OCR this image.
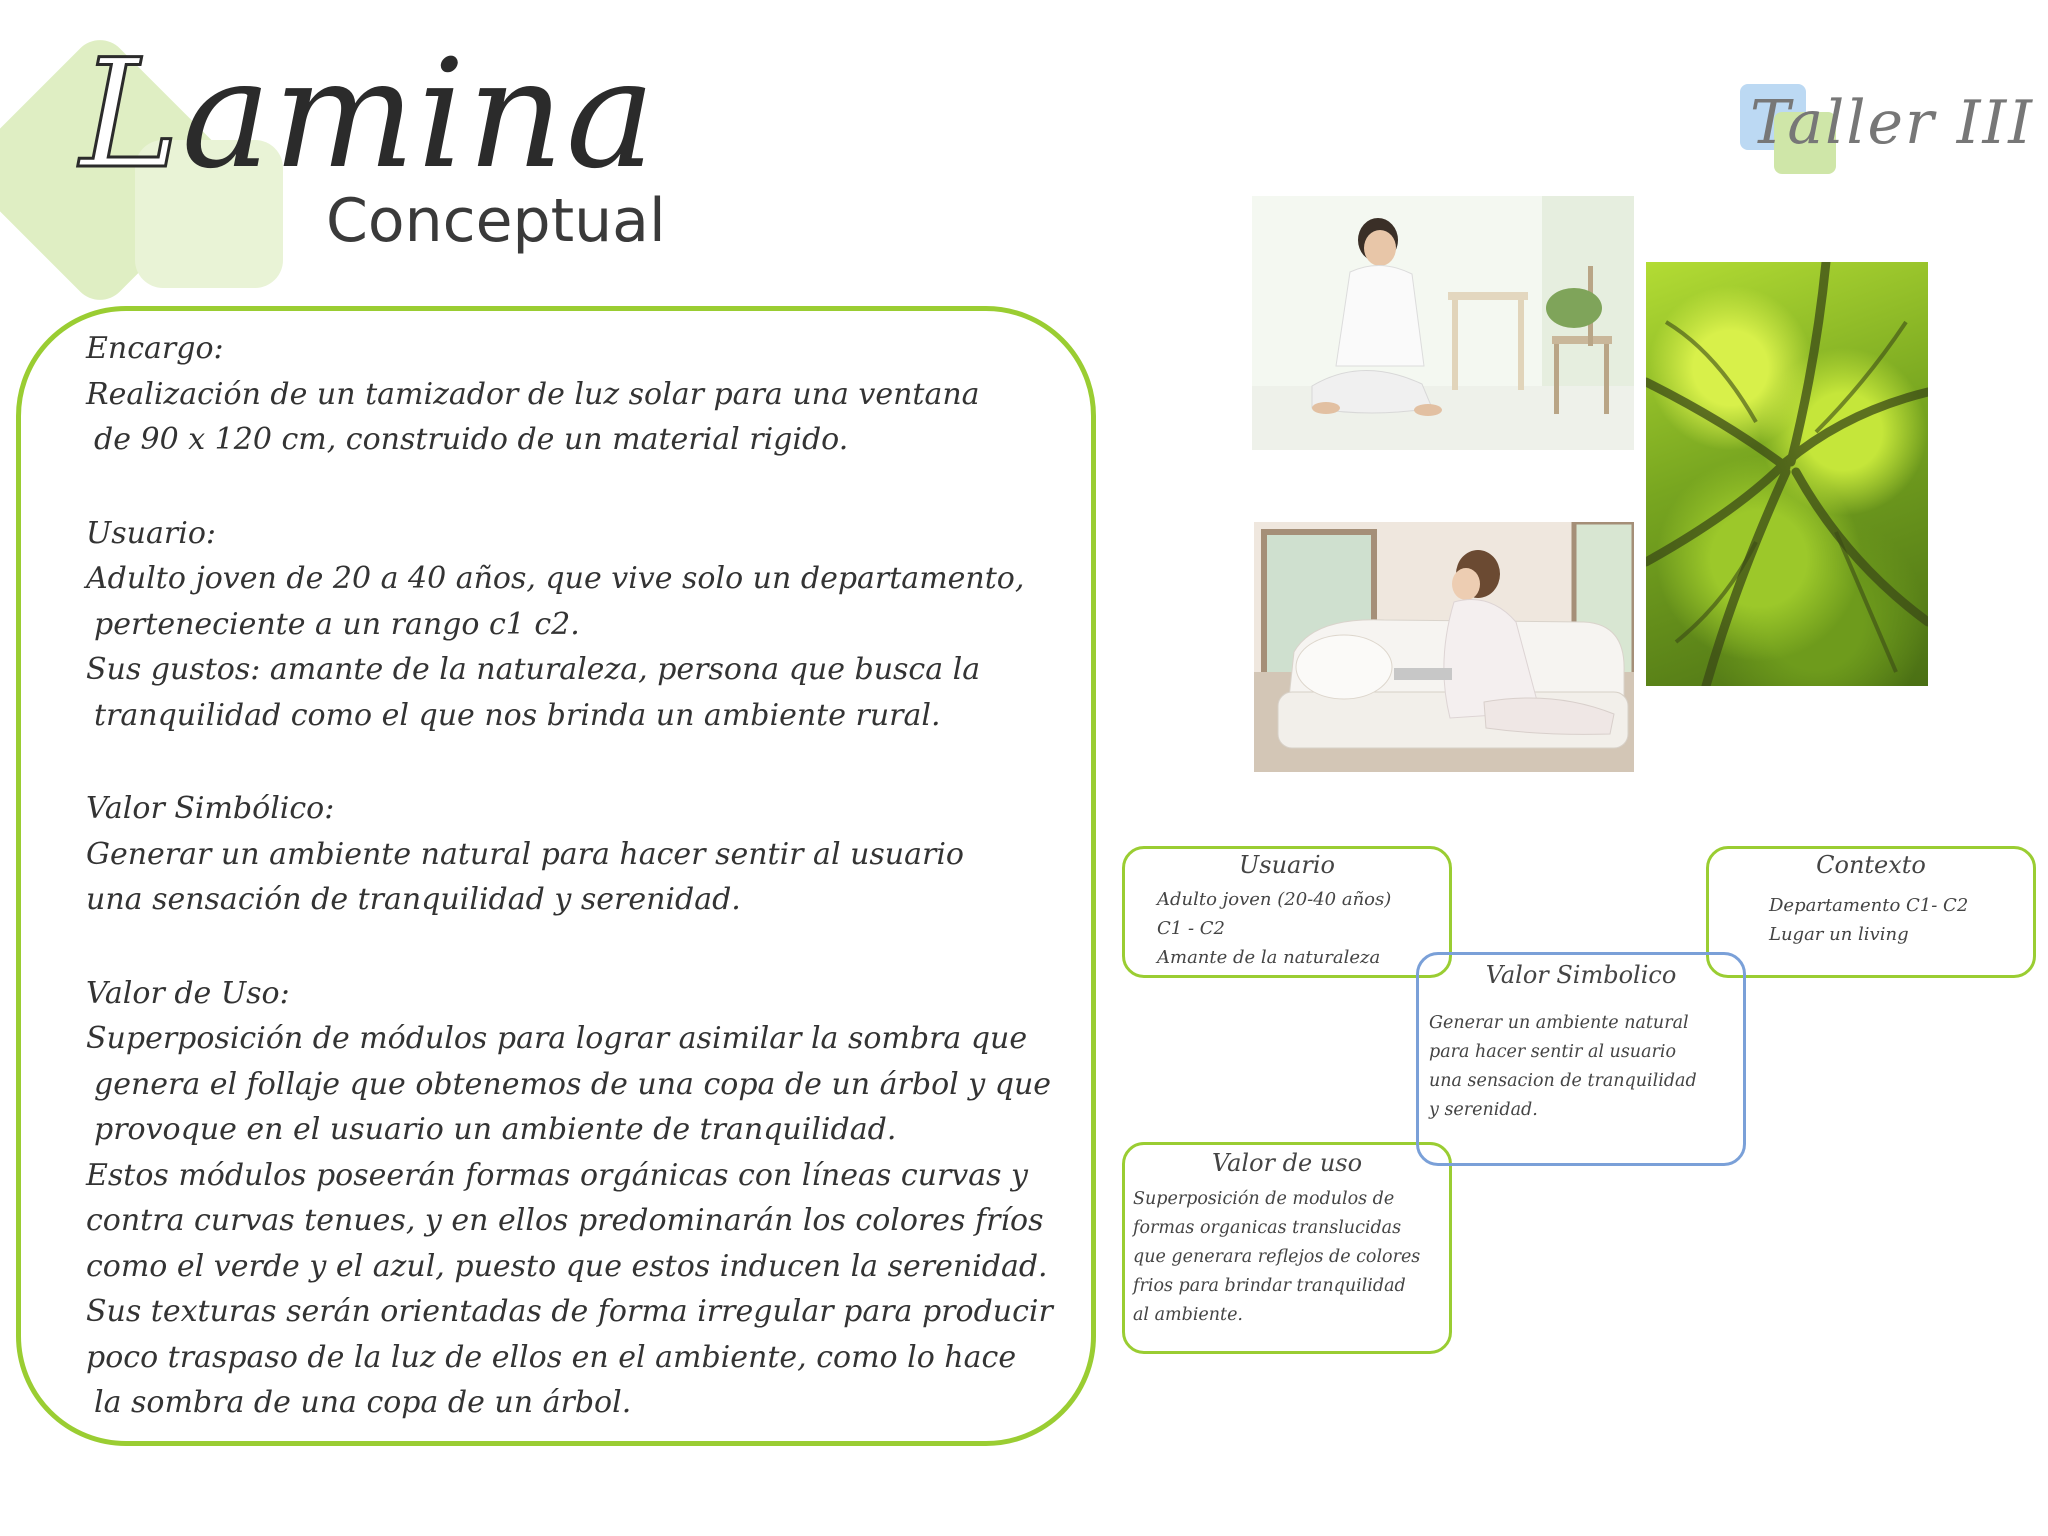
Lamina
Conceptual
Taller III

Encargo:

Realización de un tamizador de luz solar para una ventana

de 90 x 120 cm, construido de un material rigido.

Usuario:

Adulto joven de 20 a 40 años, que vive solo un departamento,

perteneciente a un rango c1 c2.

Sus gustos: amante de la naturaleza, persona que busca la

tranquilidad como el que nos brinda un ambiente rural.

Valor Simbólico:

Generar un ambiente natural para hacer sentir al usuario

una sensación de tranquilidad y serenidad.

Valor de Uso:

Superposición de módulos para lograr asimilar la sombra que

genera el follaje que obtenemos de una copa de un árbol y que

provoque en el usuario un ambiente de tranquilidad.

Estos módulos poseerán formas orgánicas con líneas curvas y

contra curvas tenues, y en ellos predominarán los colores fríos

como el verde y el azul, puesto que estos inducen la serenidad.

Sus texturas serán orientadas de forma irregular para producir

poco traspaso de la luz de ellos en el ambiente, como lo hace

la sombra de una copa de un árbol.

Usuario
Adulto joven (20-40 años)
C1 - C2
Amante de la naturaleza
Contexto
Departamento C1- C2
Lugar un living
Valor de uso
Superposición de modulos de
formas organicas translucidas
que generara reflejos de colores
frios para brindar tranquilidad
al ambiente.
Valor Simbolico
Generar un ambiente natural
para hacer sentir al usuario
una sensacion de tranquilidad
y serenidad.
